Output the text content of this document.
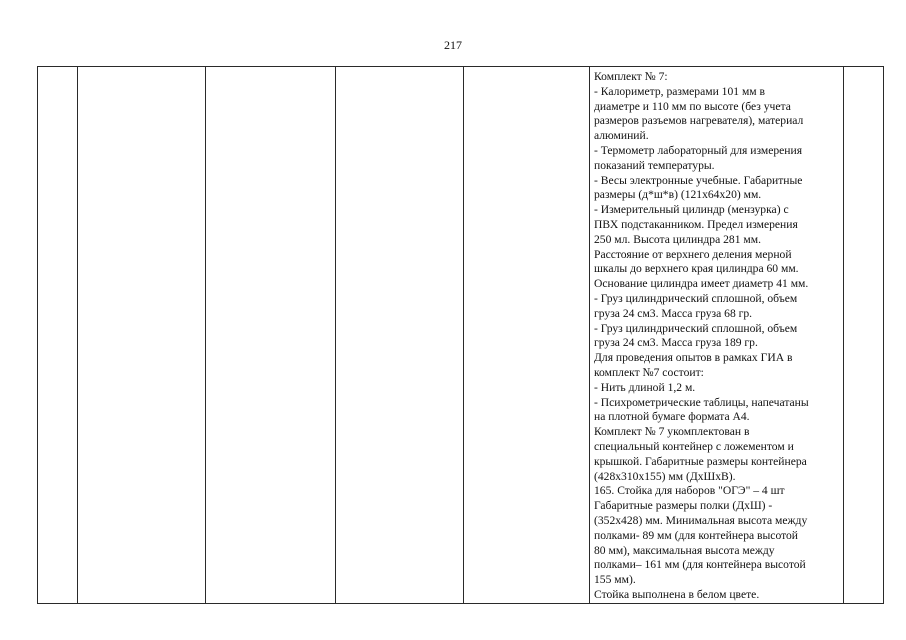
217

Комплект № 7:
- Калориметр, размерами 101 мм в
диаметре и 110 мм по высоте (без учета
размеров разъемов нагревателя), материал
алюминий.
- Термометр лабораторный для измерения
показаний температуры.
- Весы электронные учебные. Габаритные
размеры (д*ш*в) (121х64х20) мм.
- Измерительный цилиндр (мензурка) с
ПВХ подстаканником. Предел измерения
250 мл. Высота цилиндра 281 мм.
Расстояние от верхнего деления мерной
шкалы до верхнего края цилиндра 60 мм.
Основание цилиндра имеет диаметр 41 мм.
- Груз цилиндрический сплошной, объем
груза 24 см3. Масса груза 68 гр.
- Груз цилиндрический сплошной, объем
груза 24 см3. Масса груза 189 гр.
Для проведения опытов в рамках ГИА в
комплект №7 состоит:
- Нить длиной 1,2 м.
- Психрометрические таблицы, напечатаны
на плотной бумаге формата А4.
Комплект № 7 укомплектован в
специальный контейнер с ложементом и
крышкой. Габаритные размеры контейнера
(428х310х155) мм (ДхШхВ).
165. Стойка для наборов "ОГЭ" – 4 шт
Габаритные размеры полки (ДхШ) -
(352х428) мм. Минимальная высота между
полками- 89 мм (для контейнера высотой
80 мм), максимальная высота между
полками– 161 мм (для контейнера высотой
155 мм).
Стойка выполнена в белом цвете.
